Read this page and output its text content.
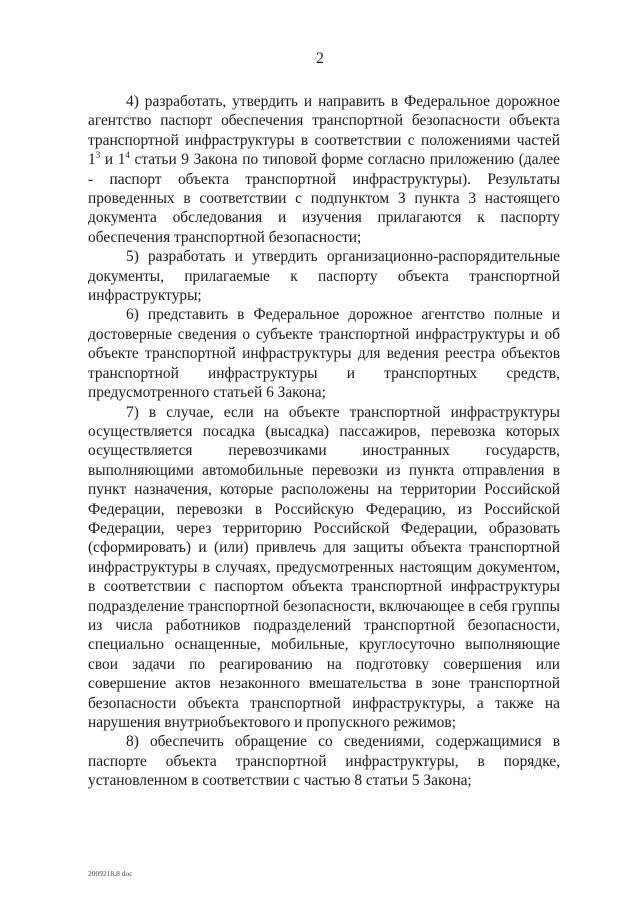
2

4) разработать, утвердить и направить в Федеральное дорожное агентство паспорт обеспечения транспортной безопасности объекта транспортной инфраструктуры в соответствии с положениями частей $1^3$ и $1^4$ статьи 9 Закона по типовой форме согласно приложению (далее - паспорт объекта транспортной инфраструктуры). Результаты проведенных в соответствии с подпунктом 3 пункта 3 настоящего документа обследования и изучения прилагаются к паспорту обеспечения транспортной безопасности;

5) разработать и утвердить организационно-распорядительные документы, прилагаемые к паспорту объекта транспортной инфраструктуры;

6) представить в Федеральное дорожное агентство полные и достоверные сведения о субъекте транспортной инфраструктуры и об объекте транспортной инфраструктуры для ведения реестра объектов транспортной инфраструктуры и транспортных средств, предусмотренного статьей 6 Закона;

7) в случае, если на объекте транспортной инфраструктуры осуществляется посадка (высадка) пассажиров, перевозка которых осуществляется перевозчиками иностранных государств, выполняющими автомобильные перевозки из пункта отправления в пункт назначения, которые расположены на территории Российской Федерации, перевозки в Российскую Федерацию, из Российской Федерации, через территорию Российской Федерации, образовать (сформировать) и (или) привлечь для защиты объекта транспортной инфраструктуры в случаях, предусмотренных настоящим документом, в соответствии с паспортом объекта транспортной инфраструктуры подразделение транспортной безопасности, включающее в себя группы из числа работников подразделений транспортной безопасности, специально оснащенные, мобильные, круглосуточно выполняющие свои задачи по реагированию на подготовку совершения или совершение актов незаконного вмешательства в зоне транспортной безопасности объекта транспортной инфраструктуры, а также на нарушения внутриобъектового и пропускного режимов;

8) обеспечить обращение со сведениями, содержащимися в паспорте объекта транспортной инфраструктуры, в порядке, установленном в соответствии с частью 8 статьи 5 Закона;

2009218.8 doc
